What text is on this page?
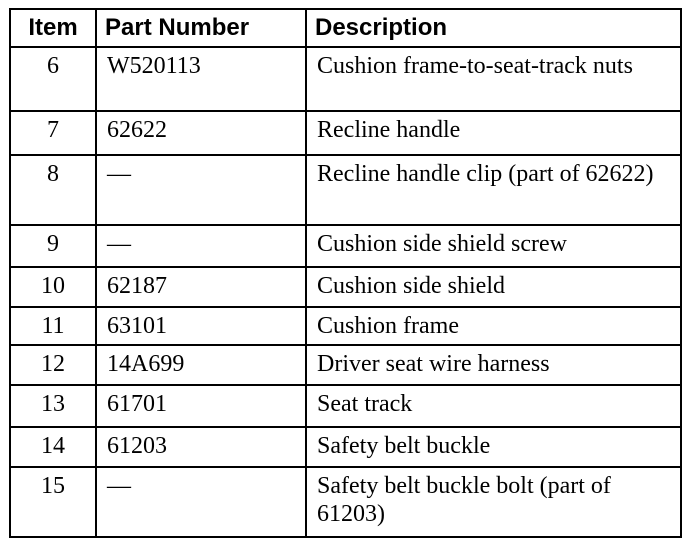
Item	Part Number	Description
6	W520113	Cushion frame-to-seat-track nuts
7	62622	Recline handle
8	—	Recline handle clip (part of 62622)
9	—	Cushion side shield screw
10	62187	Cushion side shield
11	63101	Cushion frame
12	14A699	Driver seat wire harness
13	61701	Seat track
14	61203	Safety belt buckle
15	—	Safety belt buckle bolt (part of 61203)
